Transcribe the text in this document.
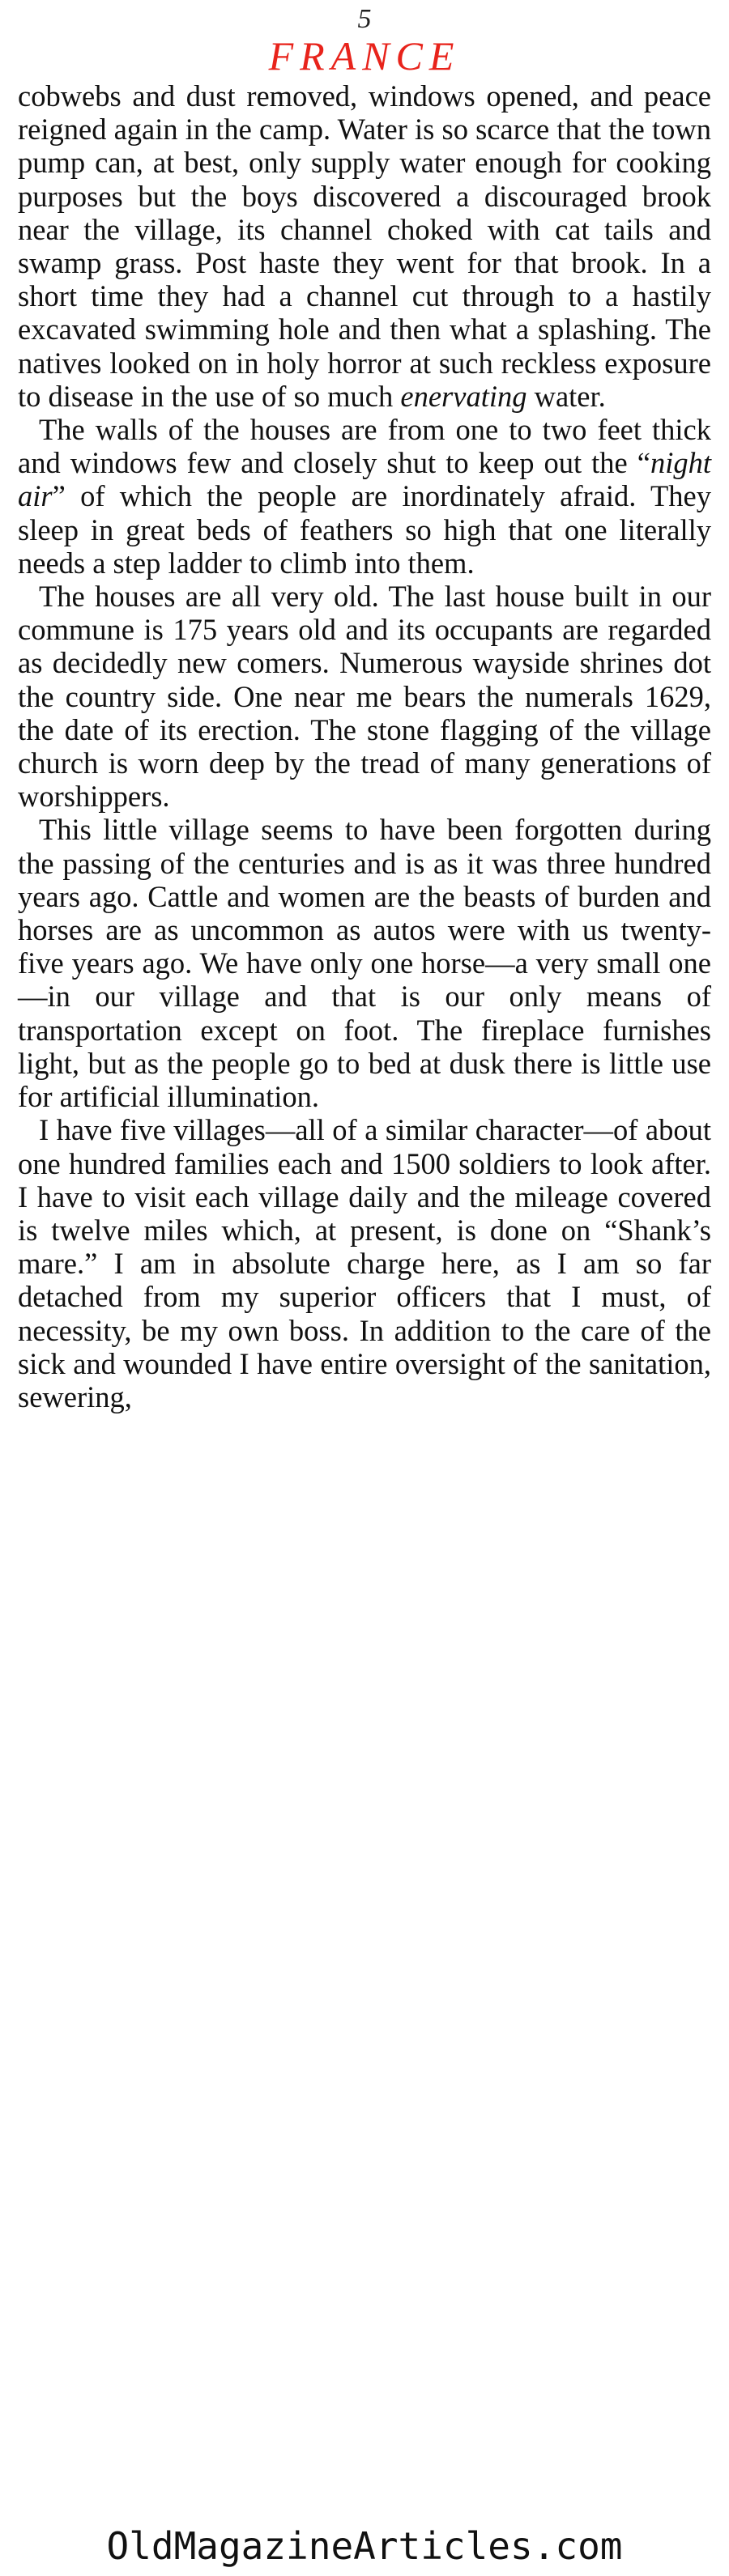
5
FRANCE

cobwebs and dust removed, windows opened, and peace reigned again in the camp. Water is so scarce that the town pump can, at best, only supply water enough for cooking purposes but the boys discovered a discouraged brook near the village, its channel choked with cat tails and swamp grass. Post haste they went for that brook. In a short time they had a channel cut through to a hastily excavated swimming hole and then what a splashing. The natives looked on in holy horror at such reckless exposure to disease in the use of so much enervating water.

The walls of the houses are from one to two feet thick and windows few and closely shut to keep out the “night air” of which the people are inordinately afraid. They sleep in great beds of feathers so high that one literally needs a step ladder to climb into them.

The houses are all very old. The last house built in our commune is 175 years old and its occupants are regarded as decidedly new comers. Numerous wayside shrines dot the country side. One near me bears the numerals 1629, the date of its erection. The stone flagging of the village church is worn deep by the tread of many generations of worshippers.

This little village seems to have been forgotten during the passing of the centuries and is as it was three hundred years ago. Cattle and women are the beasts of burden and horses are as uncommon as autos were with us twenty-five years ago. We have only one horse—a very small one—in our village and that is our only means of transportation except on foot. The fireplace furnishes light, but as the people go to bed at dusk there is little use for artificial illumination.

I have five villages—all of a similar character—of about one hundred families each and 1500 soldiers to look after. I have to visit each village daily and the mileage covered is twelve miles which, at present, is done on “Shank’s mare.” I am in absolute charge here, as I am so far detached from my superior officers that I must, of necessity, be my own boss. In addition to the care of the sick and wounded I have entire oversight of the sanitation, sewering,

OldMagazineArticles.com
